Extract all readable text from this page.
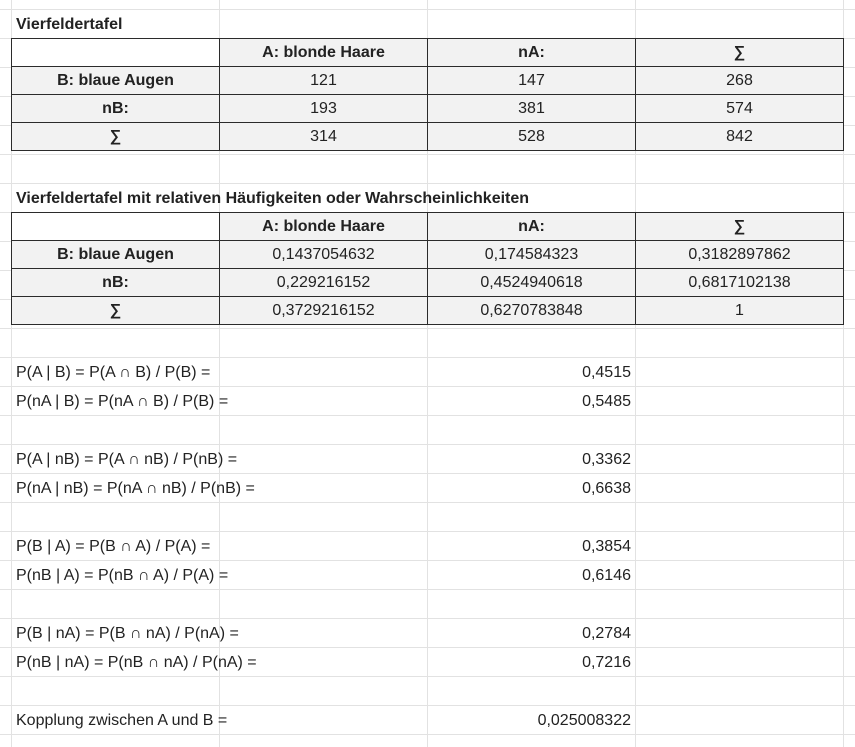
Vierfeldertafel
	A: blonde Haare	nA:	∑
B: blaue Augen	121	147	268
nB:	193	381	574
∑	314	528	842
Vierfeldertafel mit relativen Häufigkeiten oder Wahrscheinlichkeiten
	A: blonde Haare	nA:	∑
B: blaue Augen	0,1437054632	0,174584323	0,3182897862
nB:	0,229216152	0,4524940618	0,6817102138
∑	0,3729216152	0,6270783848	1
P(A | B) = P(A ∩ B) / P(B) =	0,4515
P(nA | B) = P(nA ∩ B) / P(B) =	0,5485
P(A | nB) = P(A ∩ nB) / P(nB) =	0,3362
P(nA | nB) = P(nA ∩ nB) / P(nB) =	0,6638
P(B | A) = P(B ∩ A) / P(A) =	0,3854
P(nB | A) = P(nB ∩ A) / P(A) =	0,6146
P(B | nA) = P(B ∩ nA) / P(nA) =	0,2784
P(nB | nA) = P(nB ∩ nA) / P(nA) =	0,7216
Kopplung zwischen A und B =	0,025008322
